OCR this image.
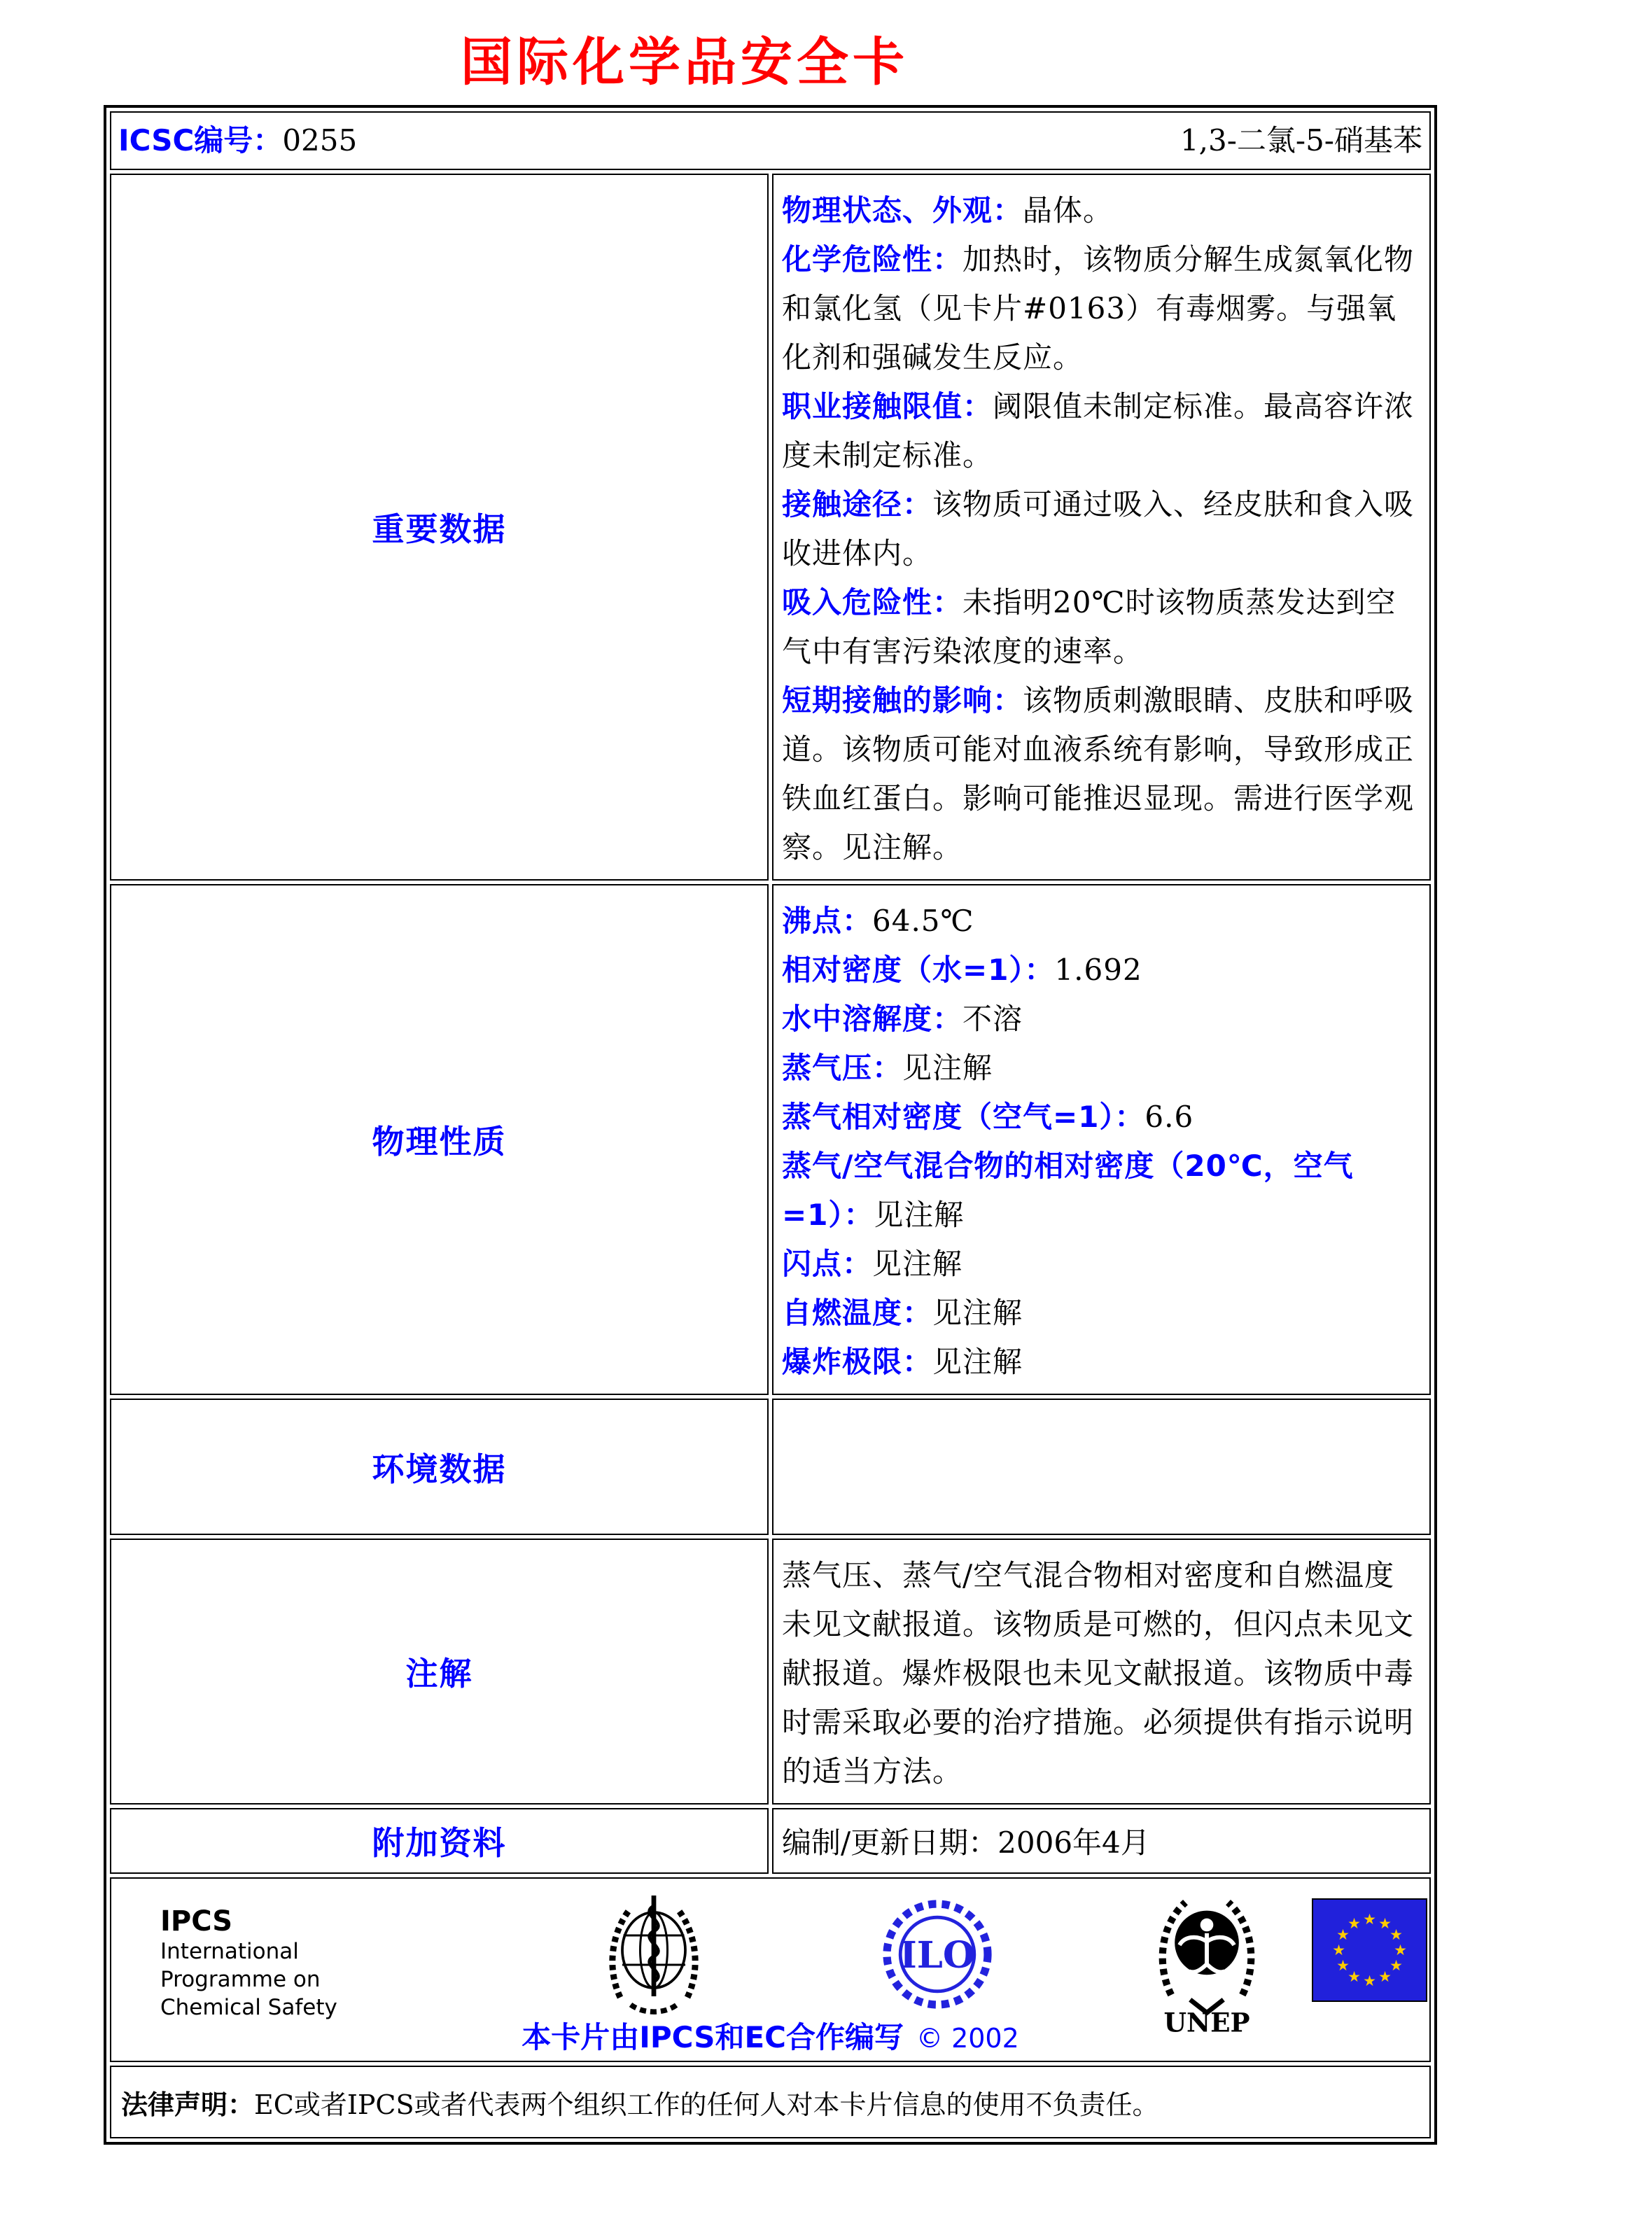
国际化学品安全卡
ICSC编号：0255 1,3-二氯-5-硝基苯	

重要数据	
物理状态、外观：晶体。
化学危险性：加热时，该物质分解生成氮氧化物和氯化氢（见卡片#0163）有毒烟雾。与强氧化剂和强碱发生反应。
职业接触限值：阈限值未制定标准。最高容许浓度未制定标准。
接触途径：该物质可通过吸入、经皮肤和食入吸收进体内。
吸入危险性：未指明20℃时该物质蒸发达到空气中有害污染浓度的速率。
短期接触的影响：该物质刺激眼睛、皮肤和呼吸道。该物质可能对血液系统有影响，导致形成正铁血红蛋白。影响可能推迟显现。需进行医学观察。见注解。

物理性质	
沸点：64.5℃
相对密度（水=1）：1.692
水中溶解度：不溶
蒸气压：见注解
蒸气相对密度（空气=1）：6.6
蒸气/空气混合物的相对密度（20℃，空气=1）：见注解
闪点：见注解
自燃温度：见注解
爆炸极限：见注解

环境数据	
注解	蒸气压、蒸气/空气混合物相对密度和自燃温度未见文献报道。该物质是可燃的，但闪点未见文献报道。爆炸极限也未见文献报道。该物质中毒时需采取必要的治疗措施。必须提供有指示说明的适当方法。

附加资料	编制/更新日期：2006年4月

IPCS
International
Programme on
Chemical Safety
ILO
UNEP
★ ★
★
★
★
★
★
★
★
★
★
★
本卡片由IPCS和EC合作编写 © 2002

法律声明：EC或者IPCS或者代表两个组织工作的任何人对本卡片信息的使用不负责任。	
